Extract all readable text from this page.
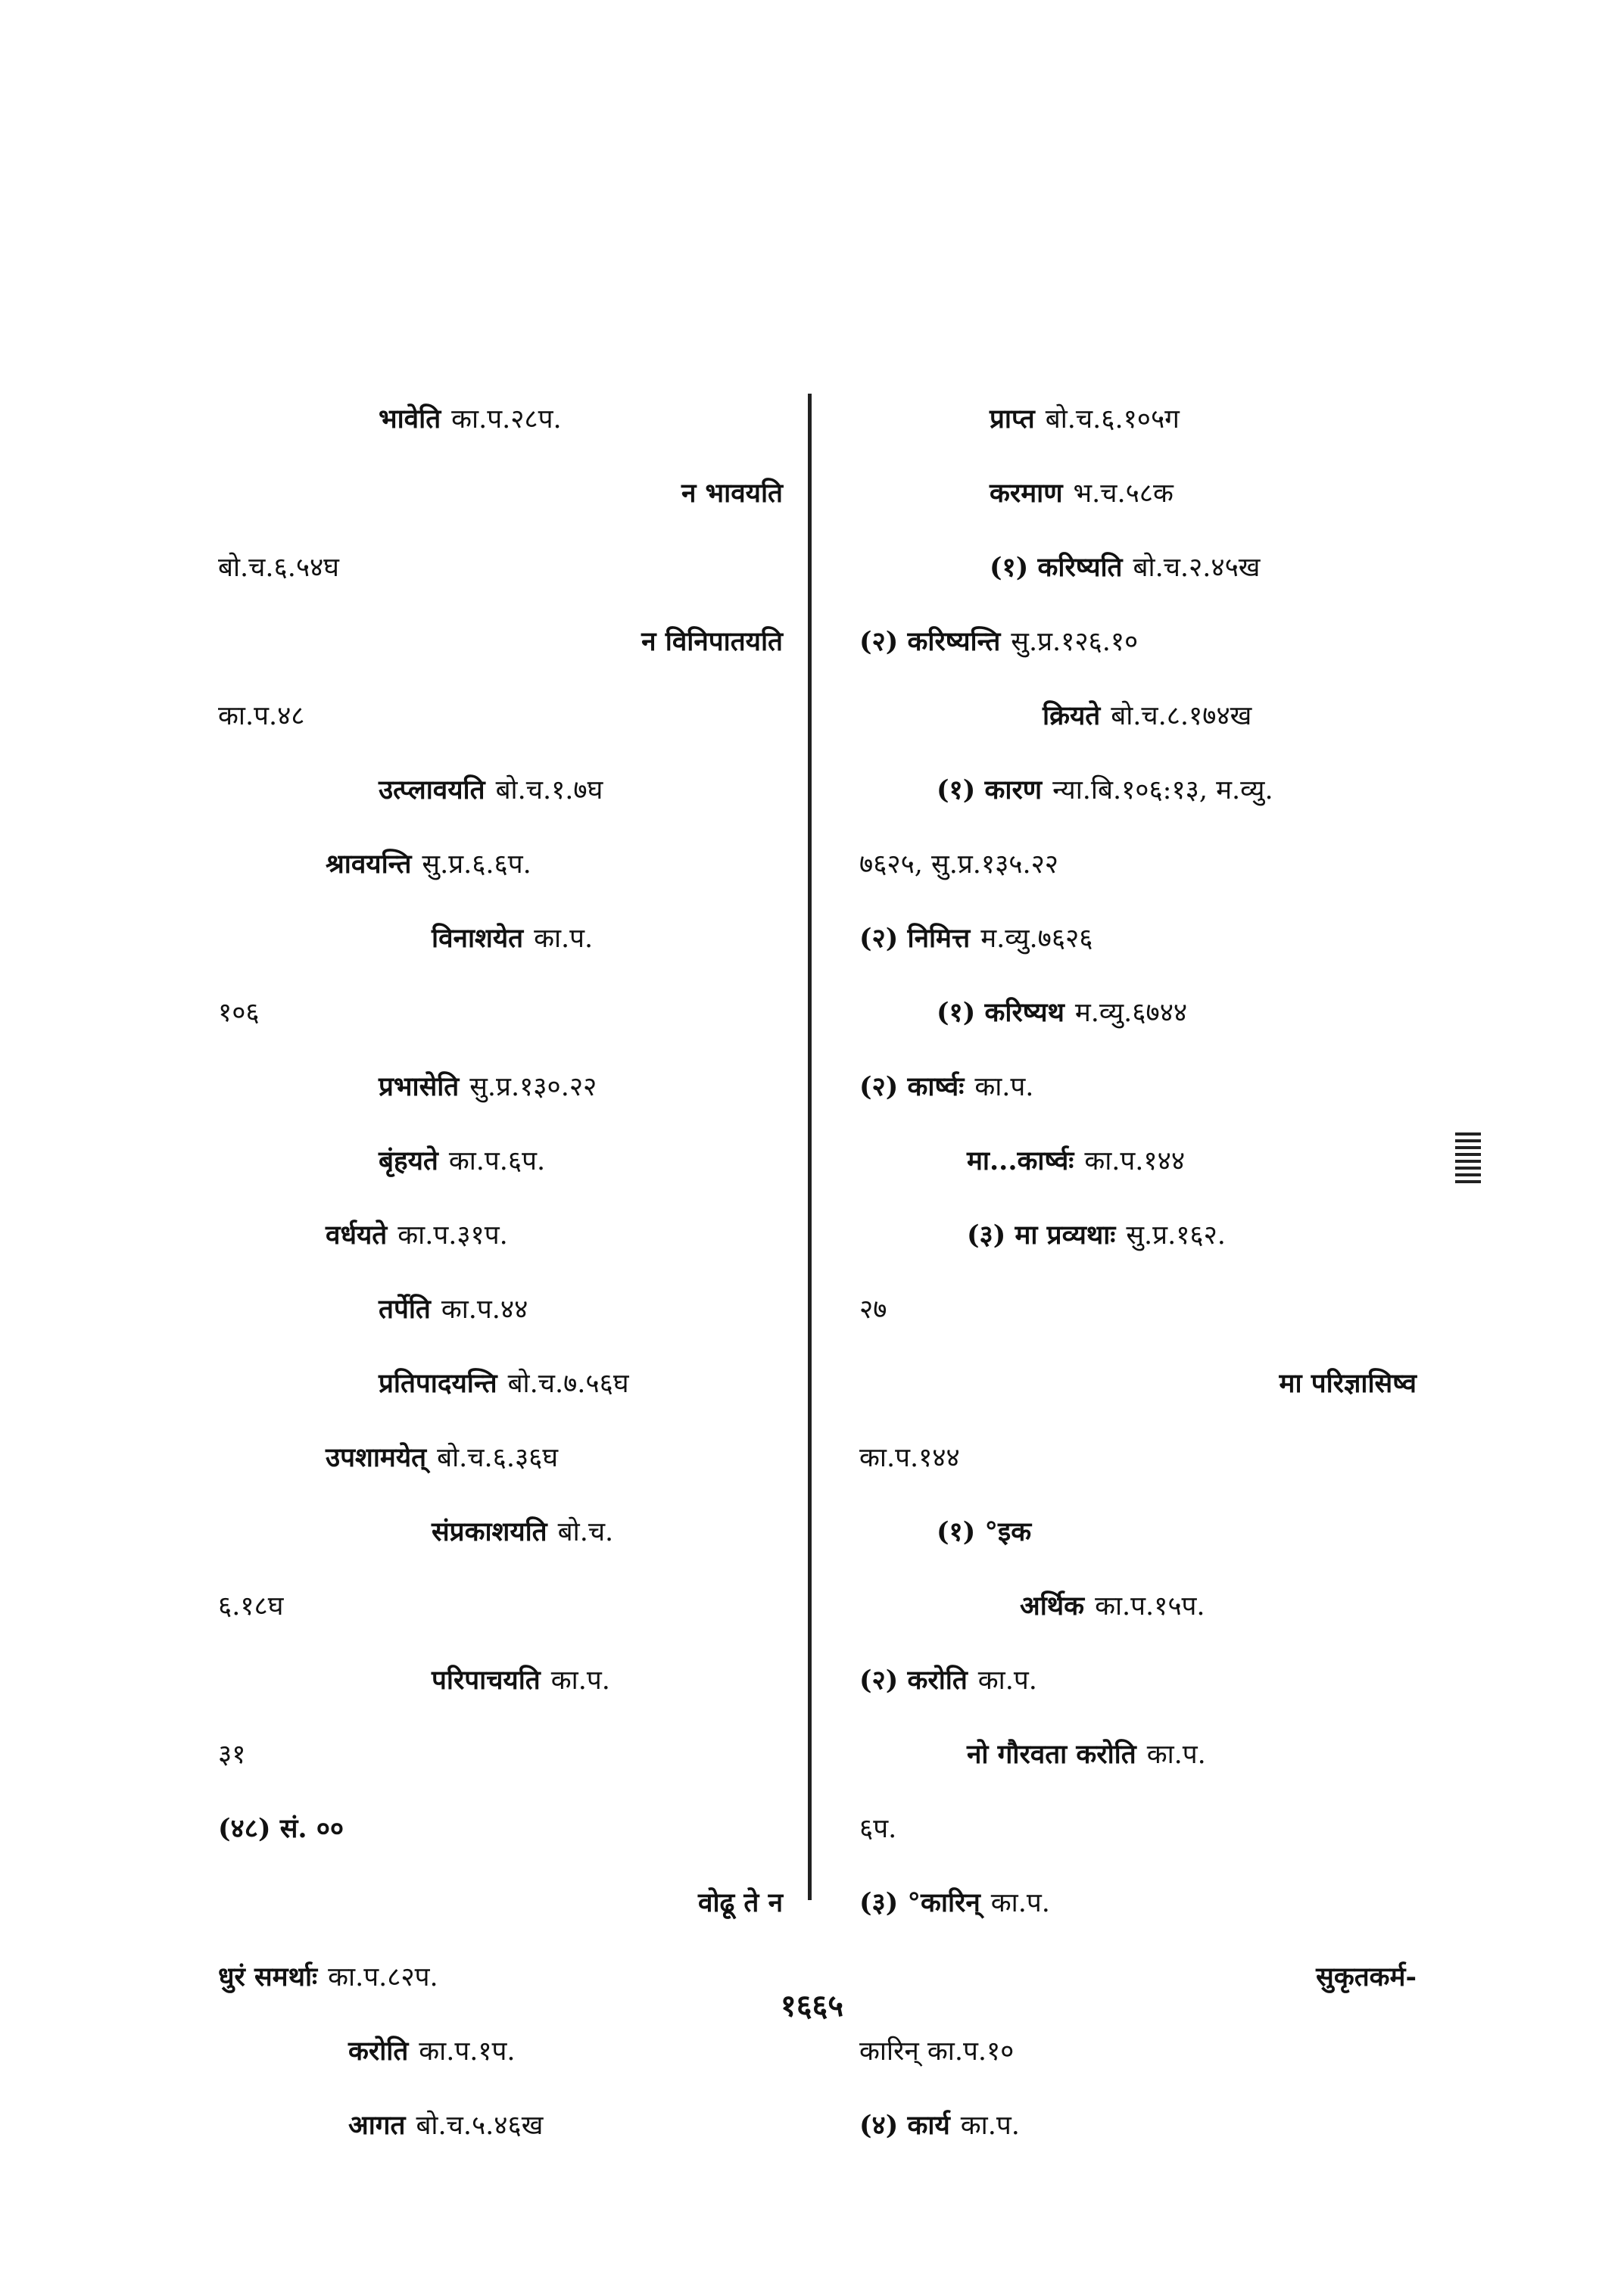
भावेति का.प.२८प.
न भावयति
बो.च.६.५४घ
न विनिपातयति
का.प.४८
उत्प्लावयति बो.च.१.७घ
श्रावयन्ति सु.प्र.६.६प.
विनाशयेत का.प.
१०६
प्रभासेति सु.प्र.१३०.२२
बृंहयते का.प.६प.
वर्धयते का.प.३१प.
तर्पेति का.प.४४
प्रतिपादयन्ति बो.च.७.५६घ
उपशामयेत् बो.च.६.३६घ
संप्रकाशयति बो.च.
६.१८घ
परिपाचयति का.प.
३१
(४८) सं. ००
वोढू ते न
धुरं समर्थाः का.प.८२प.
करोति का.प.१प.
आगत बो.च.५.४६ख
प्राप्त बो.च.६.१०५ग
करमाण भ.च.५८क
(१) करिष्यति बो.च.२.४५ख
(२) करिष्यन्ति सु.प्र.१२६.१०
क्रियते बो.च.८.१७४ख
(१) कारण न्या.बि.१०६:१३, म.व्यु.
७६२५, सु.प्र.१३५.२२
(२) निमित्त म.व्यु.७६२६
(१) करिष्यथ म.व्यु.६७४४
(२) कार्ष्वः का.प.
मा...कार्ष्वः का.प.१४४
(३) मा प्रव्यथाः सु.प्र.१६२.
२७
मा परिज्ञासिष्व
का.प.१४४
(१) °इक
अर्थिक का.प.१५प.
(२) करोति का.प.
नो गौरवता करोति का.प.
६प.
(३) °कारिन् का.प.
सुकृतकर्म-
कारिन् का.प.१०
(४) कार्य का.प.
१६६५
